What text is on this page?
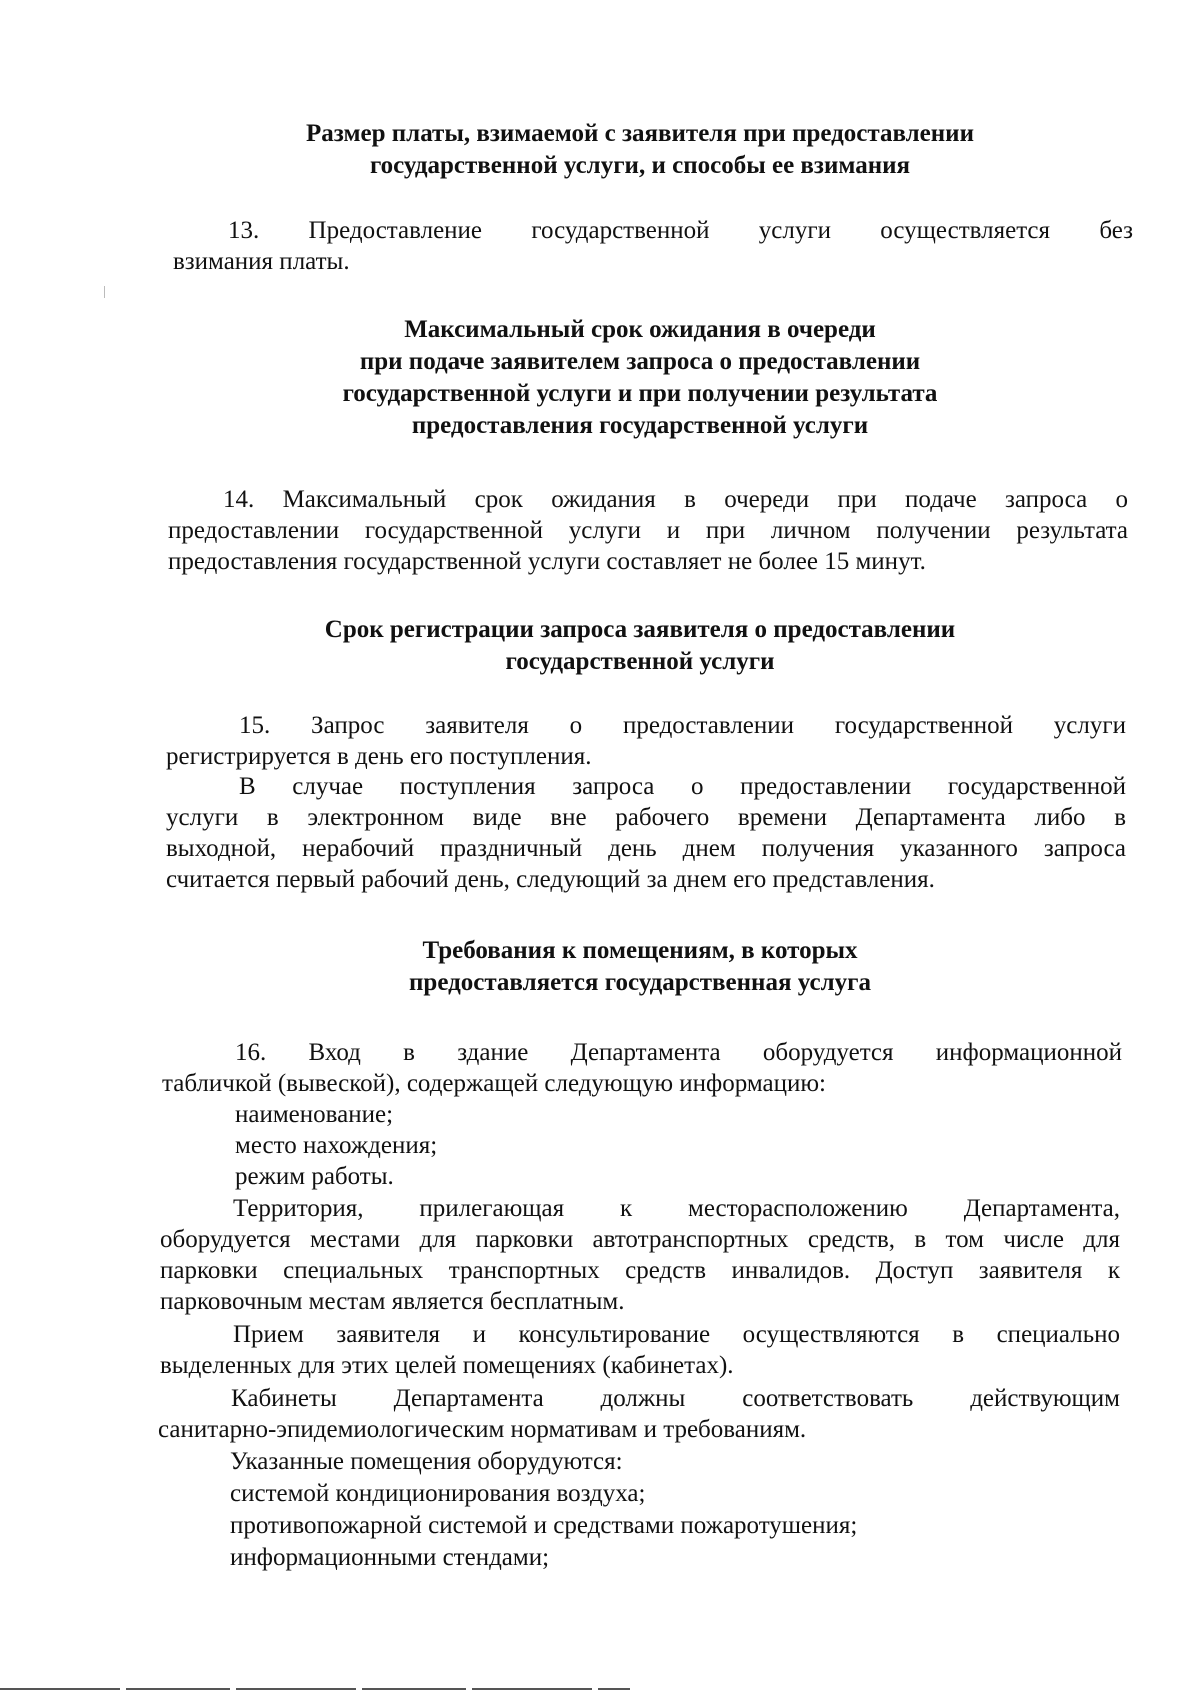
Размер платы, взимаемой с заявителя при предоставлении
государственной услуги, и способы ее взимания
13. Предоставление государственной услуги осуществляется без
взимания платы.
Максимальный срок ожидания в очереди
при подаче заявителем запроса о предоставлении
государственной услуги и при получении результата
предоставления государственной услуги
14. Максимальный срок ожидания в очереди при подаче запроса о
предоставлении государственной услуги и при личном получении результата
предоставления государственной услуги составляет не более 15 минут.
Срок регистрации запроса заявителя о предоставлении
государственной услуги
15. Запрос заявителя о предоставлении государственной услуги
регистрируется в день его поступления.
В случае поступления запроса о предоставлении государственной
услуги в электронном виде вне рабочего времени Департамента либо в
выходной, нерабочий праздничный день днем получения указанного запроса
считается первый рабочий день, следующий за днем его представления.
Требования к помещениям, в которых
предоставляется государственная услуга
16. Вход в здание Департамента оборудуется информационной
табличкой (вывеской), содержащей следующую информацию:
наименование;
место нахождения;
режим работы.
Территория, прилегающая к месторасположению Департамента,
оборудуется местами для парковки автотранспортных средств, в том числе для
парковки специальных транспортных средств инвалидов. Доступ заявителя к
парковочным местам является бесплатным.
Прием заявителя и консультирование осуществляются в специально
выделенных для этих целей помещениях (кабинетах).
Кабинеты Департамента должны соответствовать действующим
санитарно-эпидемиологическим нормативам и требованиям.
Указанные помещения оборудуются:
системой кондиционирования воздуха;
противопожарной системой и средствами пожаротушения;
информационными стендами;
